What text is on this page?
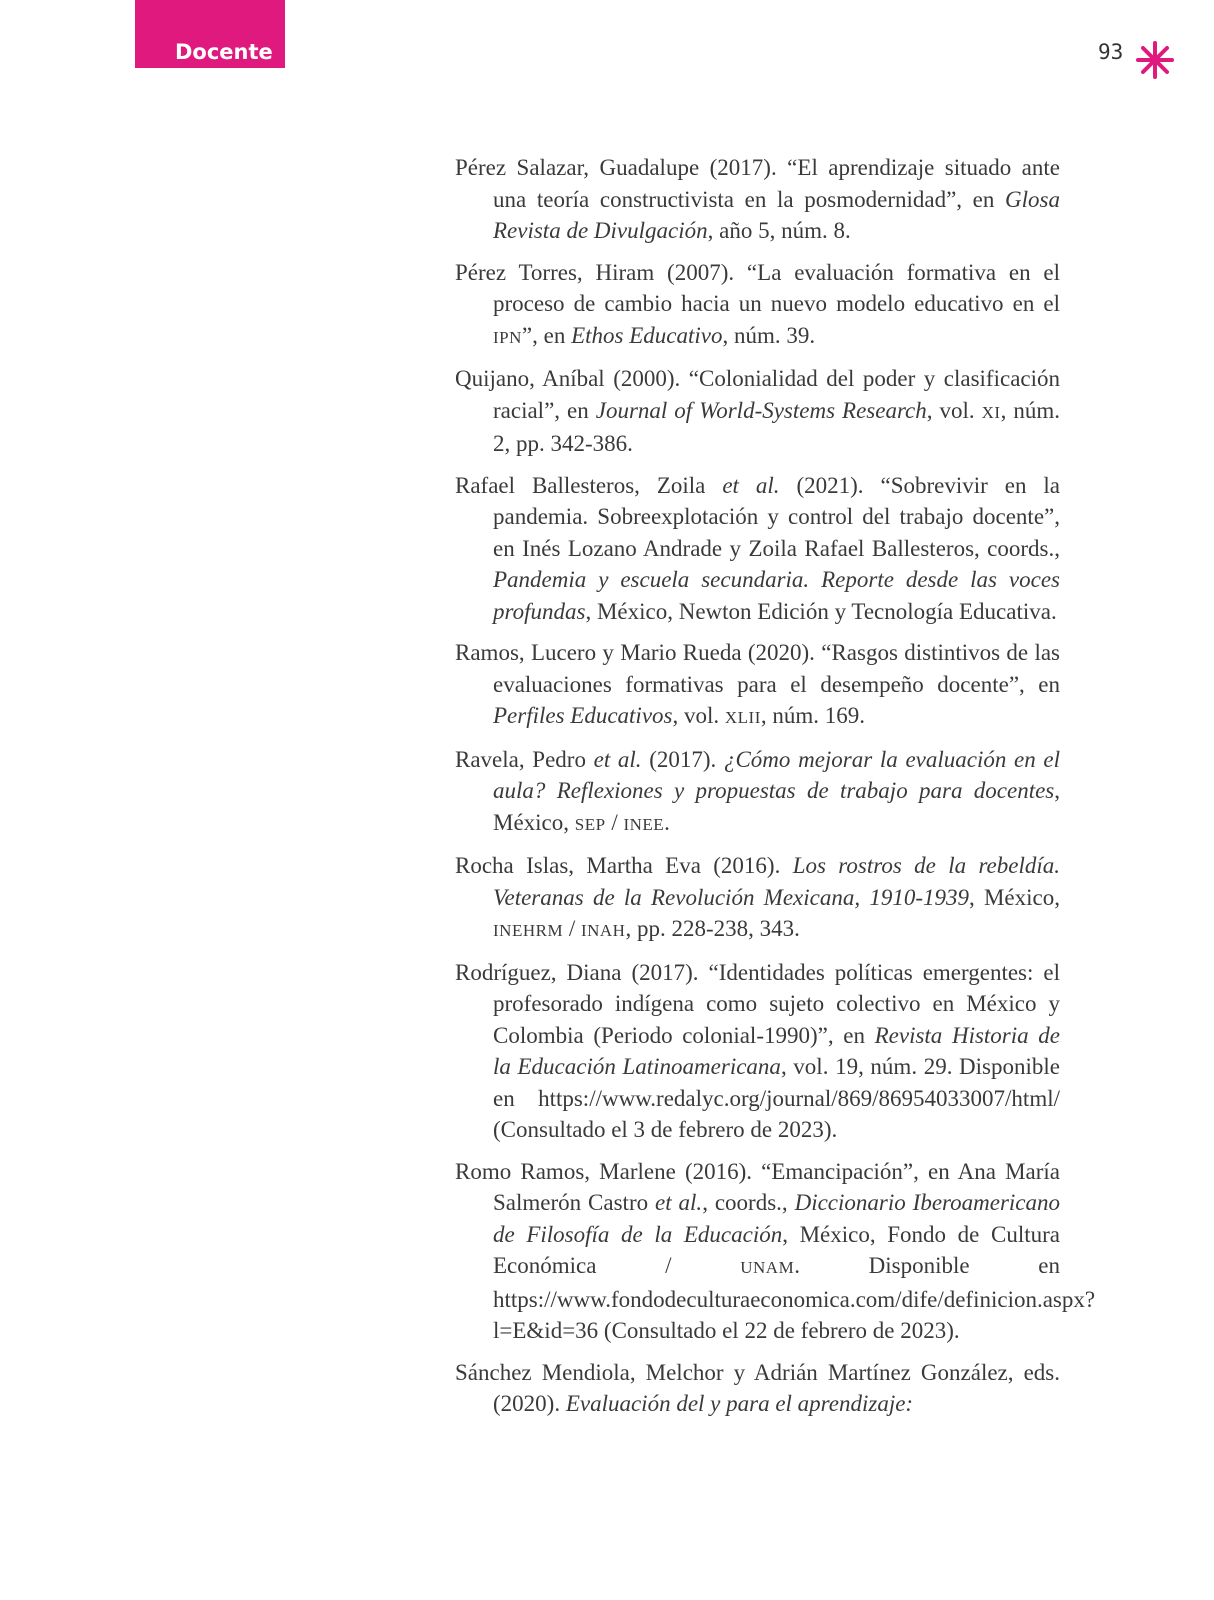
Docente	93

Pérez Salazar, Guadalupe (2017). “El aprendizaje situado ante una teoría constructivista en la posmodernidad”, en Glosa Revista de Divulgación, año 5, núm. 8.

Pérez Torres, Hiram (2007). “La evaluación formativa en el proceso de cambio hacia un nuevo modelo educativo en el IPN”, en Ethos Educativo, núm. 39.

Quijano, Aníbal (2000). “Colonialidad del poder y clasificación racial”, en Journal of World-Systems Research, vol. XI, núm. 2, pp. 342-386.

Rafael Ballesteros, Zoila et al. (2021). “Sobrevivir en la pandemia. Sobreexplotación y control del trabajo docente”, en Inés Lozano Andrade y Zoila Rafael Ballesteros, coords., Pandemia y escuela secundaria. Reporte desde las voces profundas, México, Newton Edición y Tecnología Educativa.

Ramos, Lucero y Mario Rueda (2020). “Rasgos distintivos de las evaluaciones formativas para el desempeño docente”, en Perfiles Educativos, vol. XLII, núm. 169.

Ravela, Pedro et al. (2017). ¿Cómo mejorar la evaluación en el aula? Reflexiones y propuestas de trabajo para docentes, México, SEP / INEE.

Rocha Islas, Martha Eva (2016). Los rostros de la rebeldía. Veteranas de la Revolución Mexicana, 1910-1939, México, INEHRM / INAH, pp. 228-238, 343.

Rodríguez, Diana (2017). “Identidades políticas emergentes: el profesorado indígena como sujeto colectivo en México y Colombia (Periodo colonial-1990)”, en Revista Historia de la Educación Latinoamericana, vol. 19, núm. 29. Disponible en https://www.redalyc.org/journal/869/86954033007/html/ (Consultado el 3 de febrero de 2023).

Romo Ramos, Marlene (2016). “Emancipación”, en Ana María Salmerón Castro et al., coords., Diccionario Iberoamericano de Filosofía de la Educación, México, Fondo de Cultura Económica / UNAM. Disponible en https://www.fondodeculturaeconomica.com/dife/definicion.aspx?l=E&id=36 (Consultado el 22 de febrero de 2023).

Sánchez Mendiola, Melchor y Adrián Martínez González, eds. (2020). Evaluación del y para el aprendizaje:
